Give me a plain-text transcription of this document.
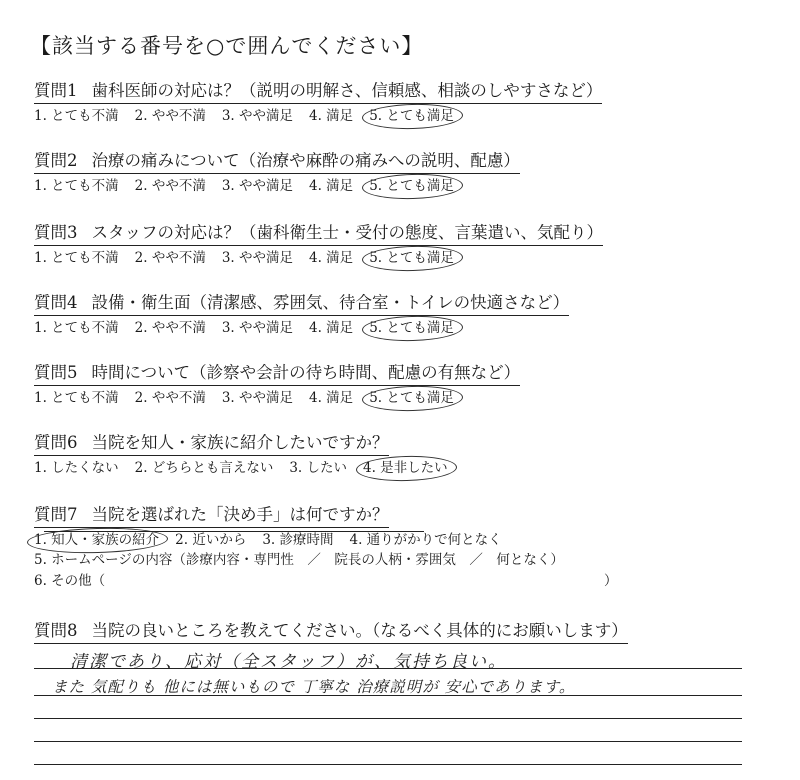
【該当する番号を○で囲んでください】
質問1 歯科医師の対応は？（説明の明解さ、信頼感、相談のしやすさなど）
1. とても不満 2. やや不満 3. やや満足 4. 満足 5. とても満足
質問2 治療の痛みについて（治療や麻酔の痛みへの説明、配慮）
1. とても不満 2. やや不満 3. やや満足 4. 満足 5. とても満足
質問3 スタッフの対応は？（歯科衛生士・受付の態度、言葉遣い、気配り）
1. とても不満 2. やや不満 3. やや満足 4. 満足 5. とても満足
質問4 設備・衛生面（清潔感、雰囲気、待合室・トイレの快適さなど）
1. とても不満 2. やや不満 3. やや満足 4. 満足 5. とても満足
質問5 時間について（診察や会計の待ち時間、配慮の有無など）
1. とても不満 2. やや不満 3. やや満足 4. 満足 5. とても満足
質問6 当院を知人・家族に紹介したいですか？
1. したくない 2. どちらとも言えない 3. したい 4. 是非したい
質問7 当院を選ばれた「決め手」は何ですか？
1. 知人・家族の紹介 2. 近いから 3. 診療時間 4. 通りがかりで何となく
5. ホームページの内容（診療内容・専門性　／　院長の人柄・雰囲気　／　何となく）
6. その他（	）
質問8 当院の良いところを教えてください。（なるべく具体的にお願いします）
清潔であり、応対（全スタッフ）が、気持ち良い。
また 気配りも 他には無いもので 丁寧な 治療説明が 安心であります。
